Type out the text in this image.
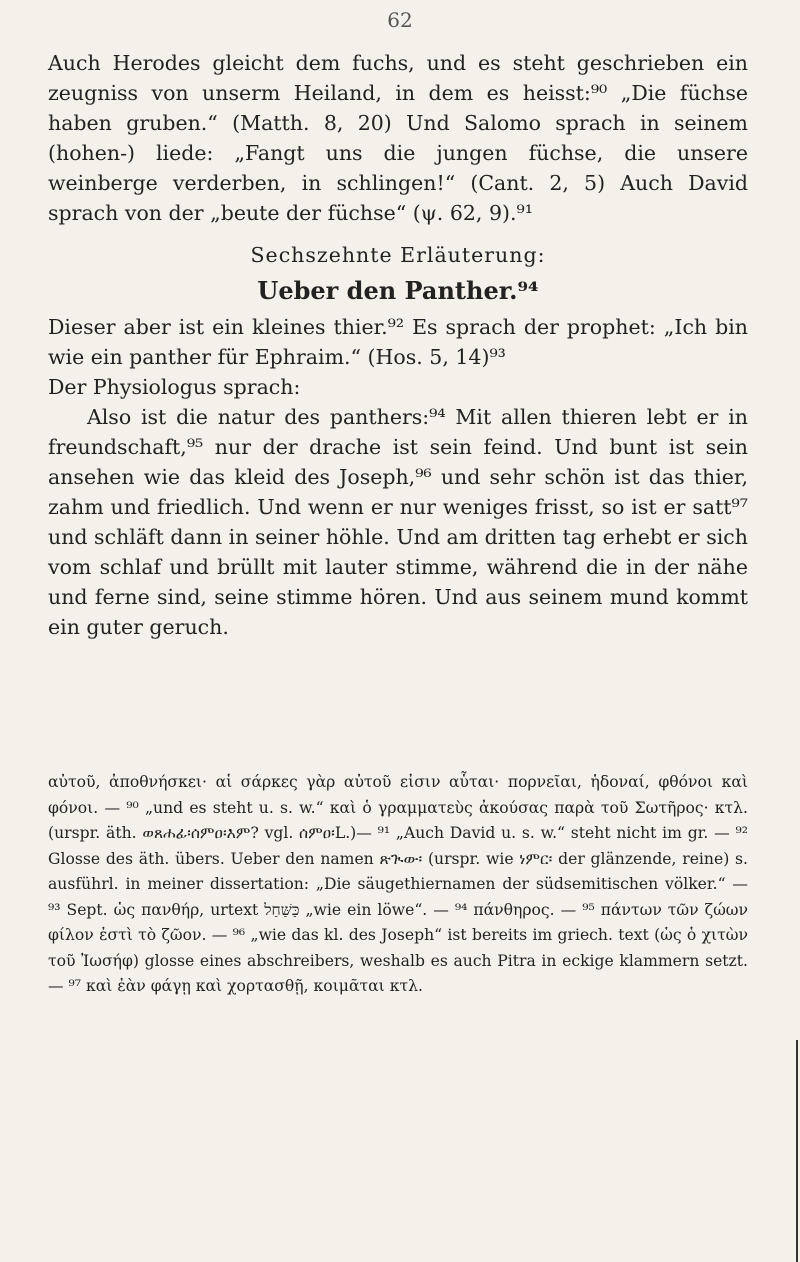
62

Auch Herodes gleicht dem fuchs, und es steht geschrieben ein zeugniss von unserm Heiland, in dem es heisst:⁹⁰ „Die füchse haben gruben.“ (Matth. 8, 20) Und Salomo sprach in seinem (hohen-) liede: „Fangt uns die jungen füchse, die unsere weinberge verderben, in schlingen!“ (Cant. 2, 5) Auch David sprach von der „beute der füchse“ (ψ. 62, 9).⁹¹

Sechszehnte Erläuterung:
Ueber den Panther.⁹⁴

Dieser aber ist ein kleines thier.⁹² Es sprach der prophet: „Ich bin wie ein panther für Ephraim.“ (Hos. 5, 14)⁹³

Der Physiologus sprach:

Also ist die natur des panthers:⁹⁴ Mit allen thieren lebt er in freundschaft,⁹⁵ nur der drache ist sein feind. Und bunt ist sein ansehen wie das kleid des Joseph,⁹⁶ und sehr schön ist das thier, zahm und friedlich. Und wenn er nur weniges frisst, so ist er satt⁹⁷ und schläft dann in seiner höhle. Und am dritten tag erhebt er sich vom schlaf und brüllt mit lauter stimme, während die in der nähe und ferne sind, seine stimme hören. Und aus seinem mund kommt ein guter geruch.

αὐτοῦ, ἀποθνήσκει· αἱ σάρκες γὰρ αὐτοῦ εἰσιν αὗται· πορνεῖαι, ἡδοναί, φθόνοι καὶ φόνοι. — ⁹⁰ „und es steht u. s. w.“ καὶ ὁ γραμματεὺς ἀκούσας παρὰ τοῦ Σωτῆρος· κτλ. (urspr. äth. ወጸሐፊ፡ሰምዐ፡እም? vgl. ሰምዐ፡L.)— ⁹¹ „Auch David u. s. w.“ steht nicht im gr. — ⁹² Glosse des äth. übers. Ueber den namen ጽጒው፡ (urspr. wie ነምር፡ der glänzende, reine) s. ausführl. in meiner dissertation: „Die säugethiernamen der südsemitischen völker.“ — ⁹³ Sept. ὡς πανθήρ, urtext כַּשַּׁחַל „wie ein löwe“. — ⁹⁴ πάνθηρος. — ⁹⁵ πάντων τῶν ζώων φίλον ἐστὶ τὸ ζῶον. — ⁹⁶ „wie das kl. des Joseph“ ist bereits im griech. text (ὡς ὁ χιτὼν τοῦ Ἰωσήφ) glosse eines abschreibers, weshalb es auch Pitra in eckige klammern setzt. — ⁹⁷ καὶ ἐὰν φάγῃ καὶ χορτασθῇ, κοιμᾶται κτλ.
